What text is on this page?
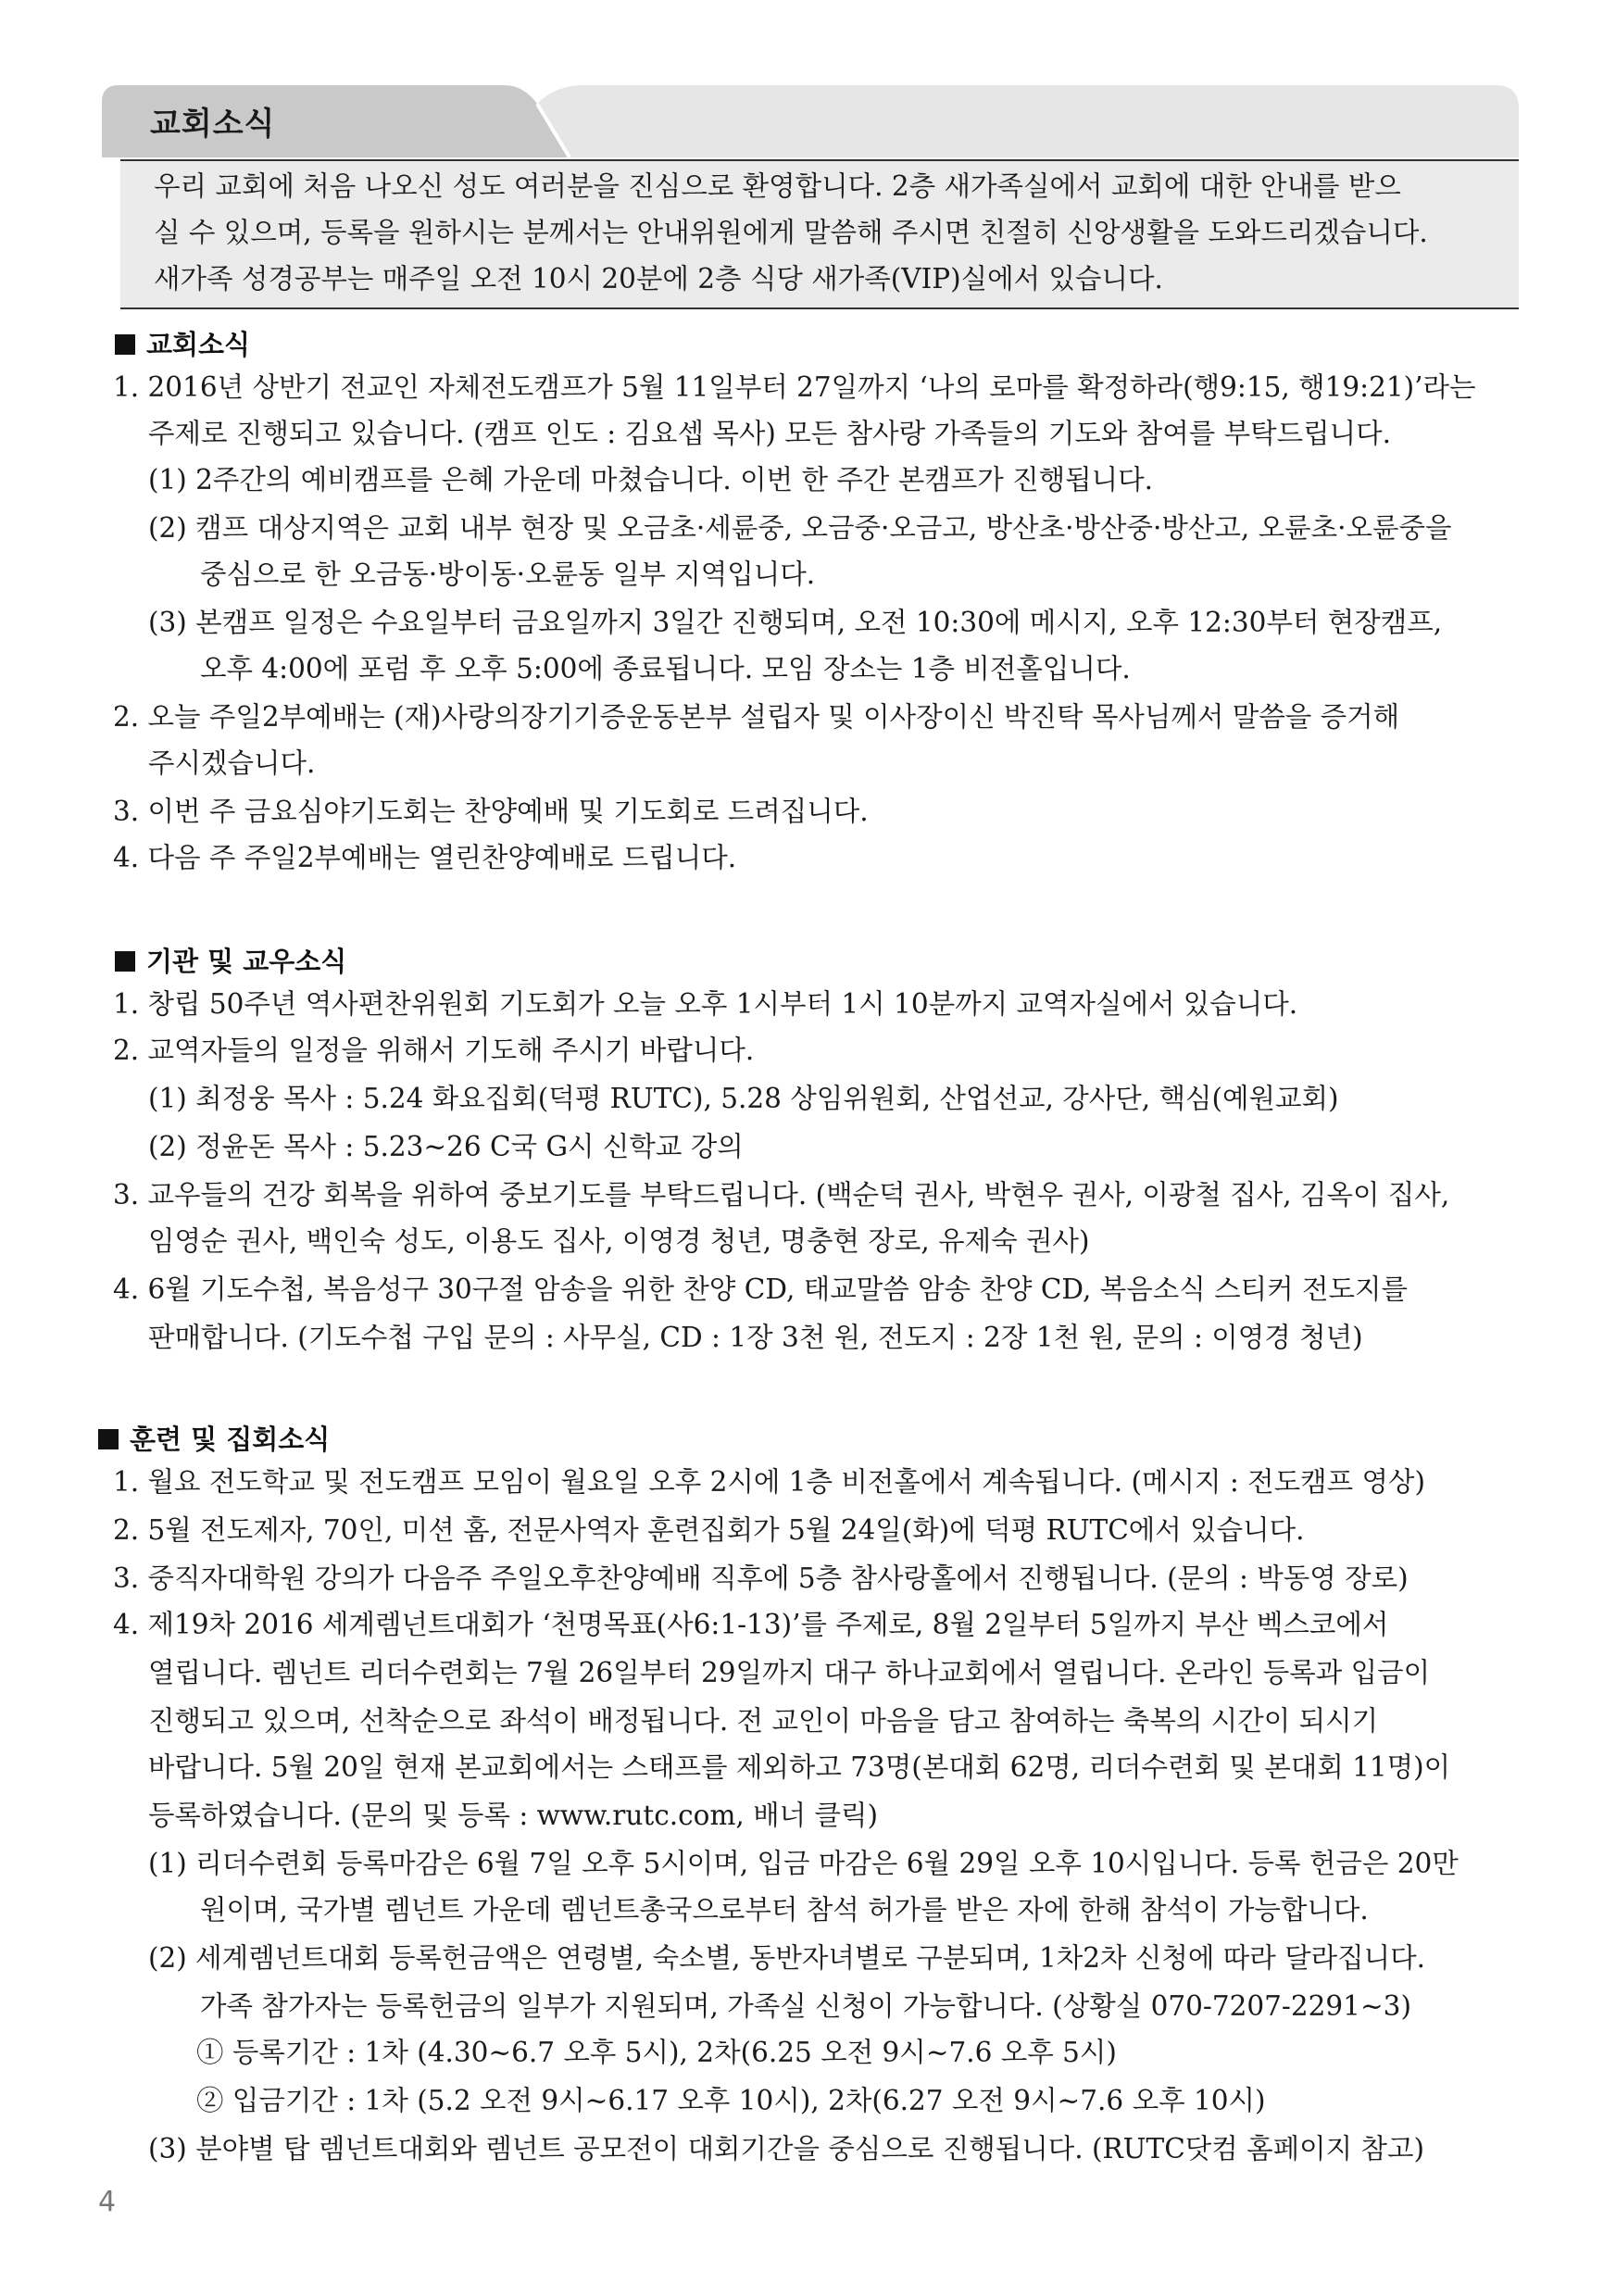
교회소식

우리 교회에 처음 나오신 성도 여러분을 진심으로 환영합니다. 2층 새가족실에서 교회에 대한 안내를 받으

실 수 있으며, 등록을 원하시는 분께서는 안내위원에게 말씀해 주시면 친절히 신앙생활을 도와드리겠습니다.

새가족 성경공부는 매주일 오전 10시 20분에 2층 식당 새가족(VIP)실에서 있습니다.

교회소식
1. 2016년 상반기 전교인 자체전도캠프가 5월 11일부터 27일까지 ‘나의 로마를 확정하라(행9:15, 행19:21)’라는
주제로 진행되고 있습니다. (캠프 인도 : 김요셉 목사) 모든 참사랑 가족들의 기도와 참여를 부탁드립니다.
(1) 2주간의 예비캠프를 은혜 가운데 마쳤습니다. 이번 한 주간 본캠프가 진행됩니다.
(2) 캠프 대상지역은 교회 내부 현장 및 오금초·세륜중, 오금중·오금고, 방산초·방산중·방산고, 오륜초·오륜중을
중심으로 한 오금동·방이동·오륜동 일부 지역입니다.
(3) 본캠프 일정은 수요일부터 금요일까지 3일간 진행되며, 오전 10:30에 메시지, 오후 12:30부터 현장캠프,
오후 4:00에 포럼 후 오후 5:00에 종료됩니다. 모임 장소는 1층 비전홀입니다.
2. 오늘 주일2부예배는 (재)사랑의장기기증운동본부 설립자 및 이사장이신 박진탁 목사님께서 말씀을 증거해
주시겠습니다.
3. 이번 주 금요심야기도회는 찬양예배 및 기도회로 드려집니다.
4. 다음 주 주일2부예배는 열린찬양예배로 드립니다.
기관 및 교우소식
1. 창립 50주년 역사편찬위원회 기도회가 오늘 오후 1시부터 1시 10분까지 교역자실에서 있습니다.
2. 교역자들의 일정을 위해서 기도해 주시기 바랍니다.
(1) 최정웅 목사 : 5.24 화요집회(덕평 RUTC), 5.28 상임위원회, 산업선교, 강사단, 핵심(예원교회)
(2) 정윤돈 목사 : 5.23~26 C국 G시 신학교 강의
3. 교우들의 건강 회복을 위하여 중보기도를 부탁드립니다. (백순덕 권사, 박현우 권사, 이광철 집사, 김옥이 집사,
임영순 권사, 백인숙 성도, 이용도 집사, 이영경 청년, 명충현 장로, 유제숙 권사)
4. 6월 기도수첩, 복음성구 30구절 암송을 위한 찬양 CD, 태교말씀 암송 찬양 CD, 복음소식 스티커 전도지를
판매합니다. (기도수첩 구입 문의 : 사무실, CD : 1장 3천 원, 전도지 : 2장 1천 원, 문의 : 이영경 청년)
훈련 및 집회소식
1. 월요 전도학교 및 전도캠프 모임이 월요일 오후 2시에 1층 비전홀에서 계속됩니다. (메시지 : 전도캠프 영상)
2. 5월 전도제자, 70인, 미션 홈, 전문사역자 훈련집회가 5월 24일(화)에 덕평 RUTC에서 있습니다.
3. 중직자대학원 강의가 다음주 주일오후찬양예배 직후에 5층 참사랑홀에서 진행됩니다. (문의 : 박동영 장로)
4. 제19차 2016 세계렘넌트대회가 ‘천명목표(사6:1-13)’를 주제로, 8월 2일부터 5일까지 부산 벡스코에서
열립니다. 렘넌트 리더수련회는 7월 26일부터 29일까지 대구 하나교회에서 열립니다. 온라인 등록과 입금이
진행되고 있으며, 선착순으로 좌석이 배정됩니다. 전 교인이 마음을 담고 참여하는 축복의 시간이 되시기
바랍니다. 5월 20일 현재 본교회에서는 스태프를 제외하고 73명(본대회 62명, 리더수련회 및 본대회 11명)이
등록하였습니다. (문의 및 등록 : www.rutc.com, 배너 클릭)
(1) 리더수련회 등록마감은 6월 7일 오후 5시이며, 입금 마감은 6월 29일 오후 10시입니다. 등록 헌금은 20만
원이며, 국가별 렘넌트 가운데 렘넌트총국으로부터 참석 허가를 받은 자에 한해 참석이 가능합니다.
(2) 세계렘넌트대회 등록헌금액은 연령별, 숙소별, 동반자녀별로 구분되며, 1차2차 신청에 따라 달라집니다.
가족 참가자는 등록헌금의 일부가 지원되며, 가족실 신청이 가능합니다. (상황실 070-7207-2291~3)
① 등록기간 : 1차 (4.30~6.7 오후 5시), 2차(6.25 오전 9시~7.6 오후 5시)
② 입금기간 : 1차 (5.2 오전 9시~6.17 오후 10시), 2차(6.27 오전 9시~7.6 오후 10시)
(3) 분야별 탑 렘넌트대회와 렘넌트 공모전이 대회기간을 중심으로 진행됩니다. (RUTC닷컴 홈페이지 참고)
4
